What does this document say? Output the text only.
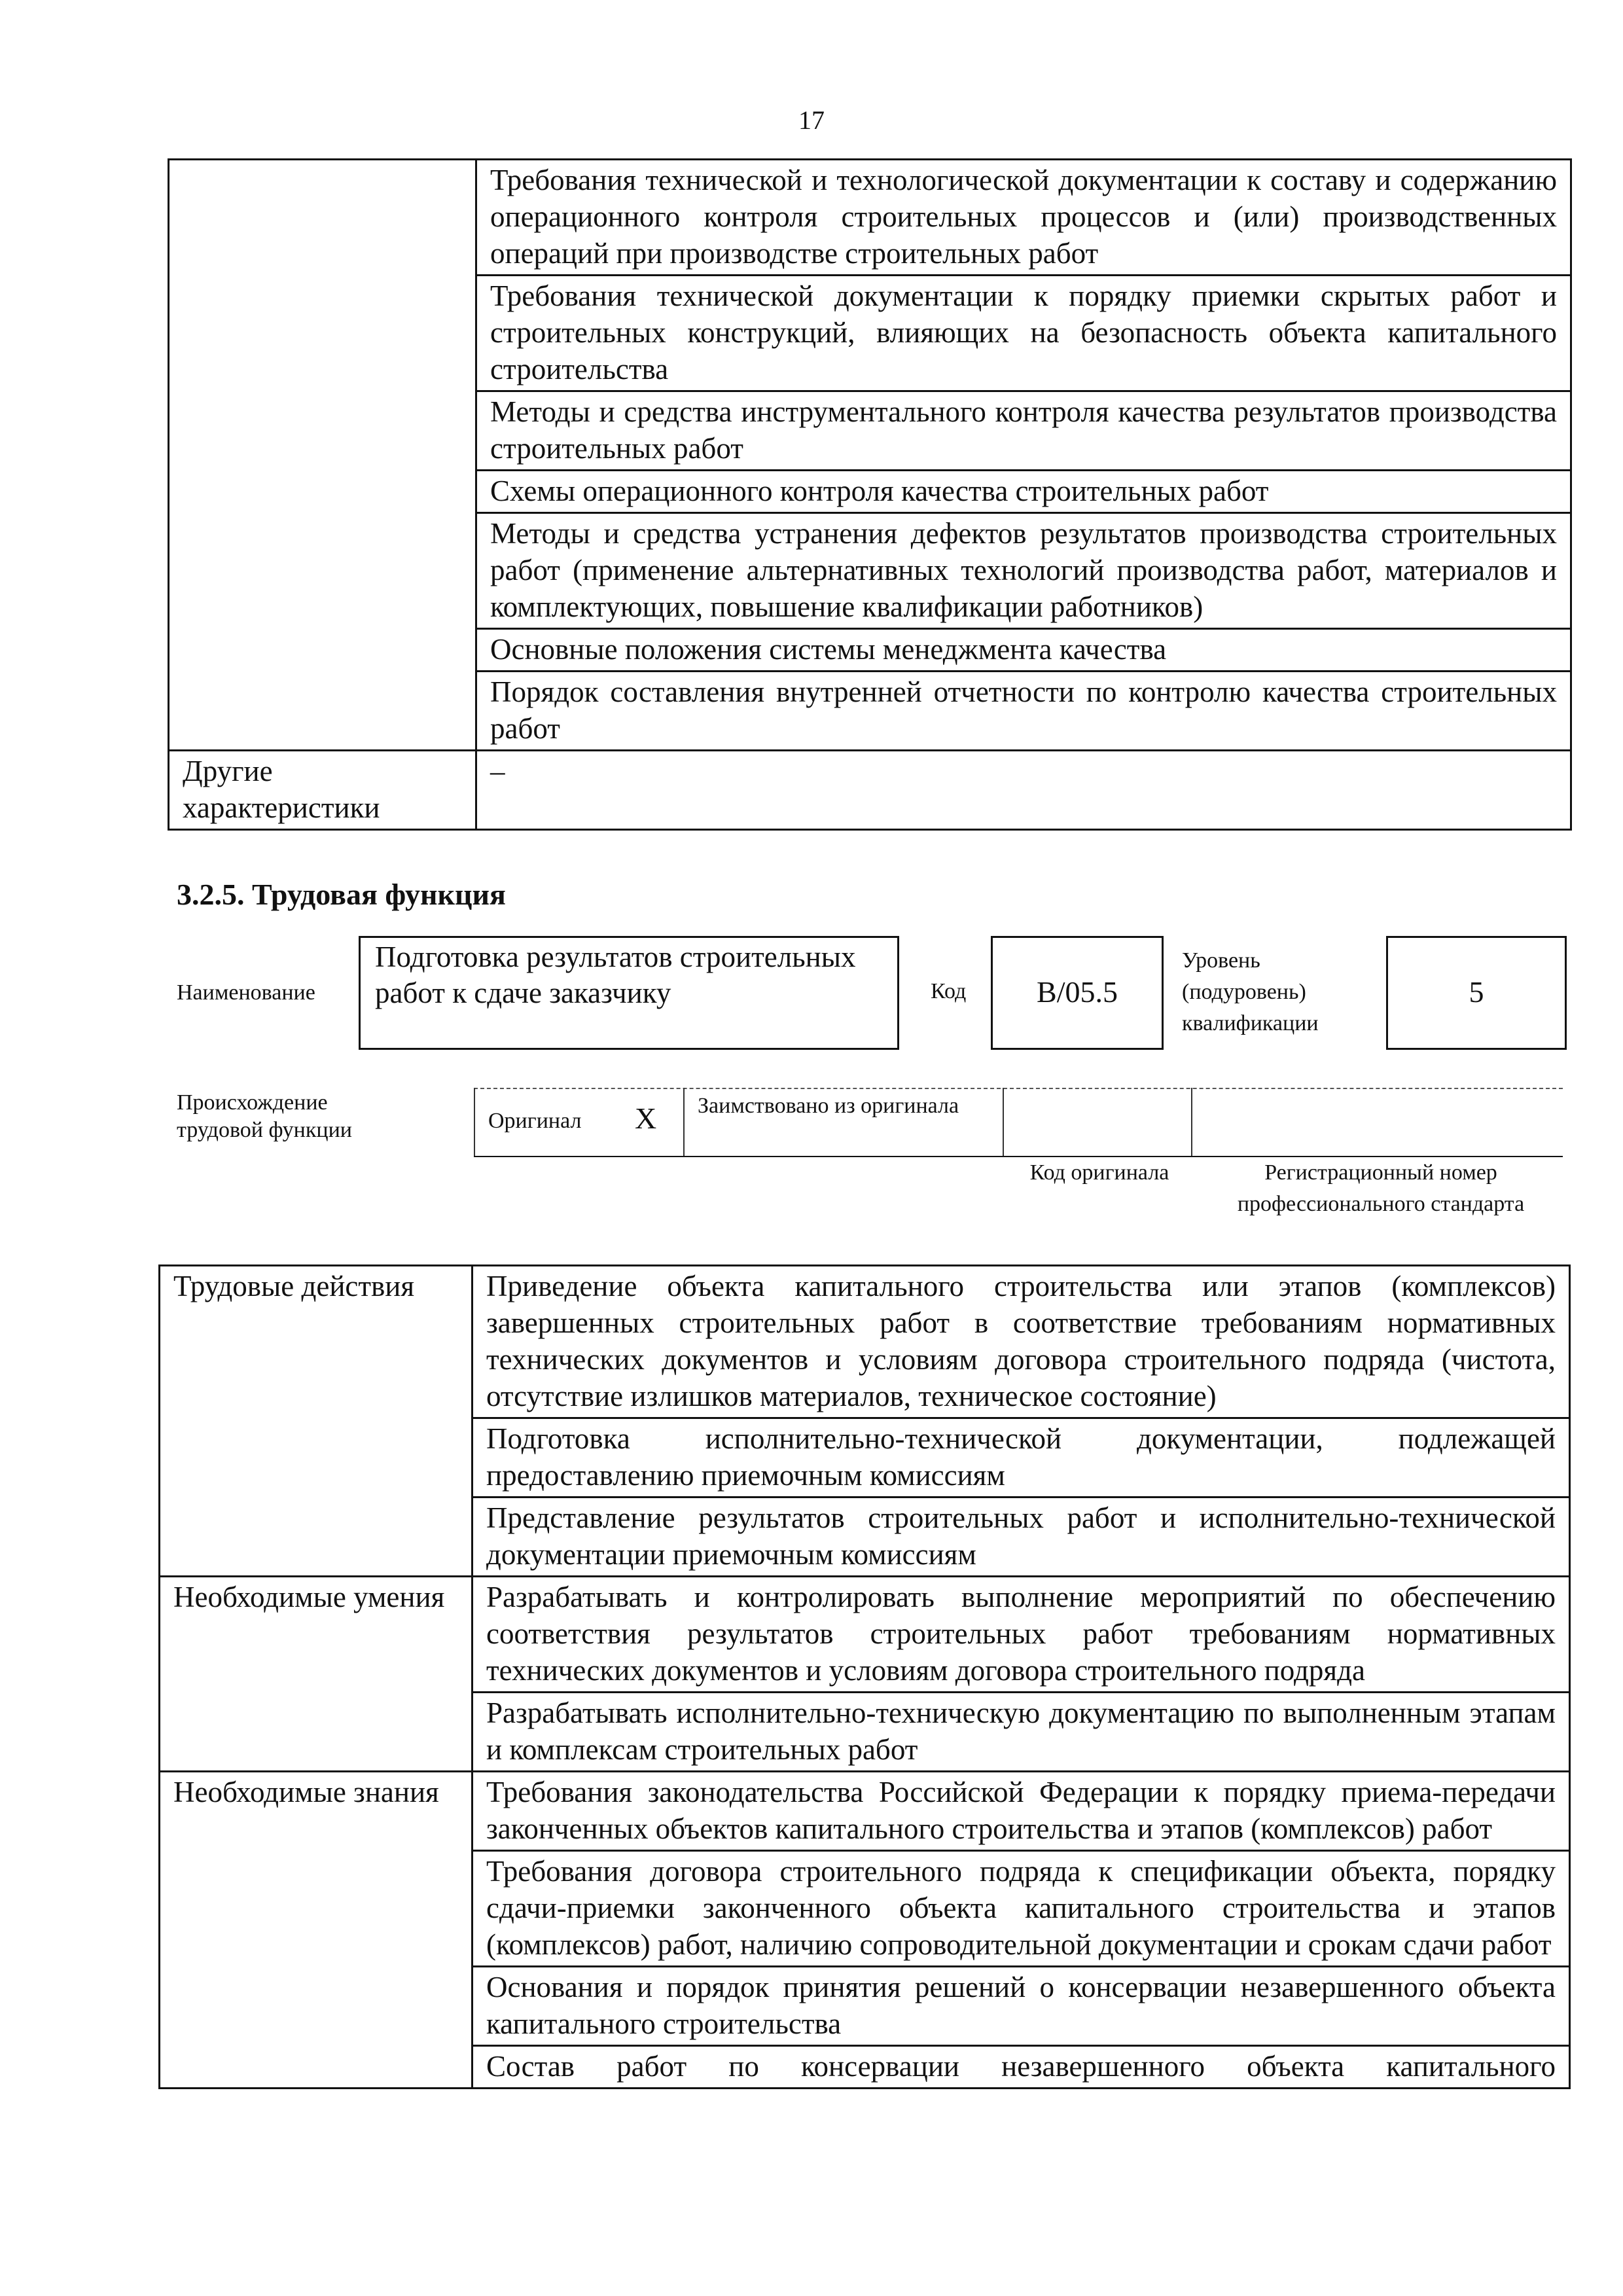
17
	Требования технической и технологической документации к составу и содержанию операционного контроля строительных процессов и (или) производственных операций при производстве строительных работ
	Требования технической документации к порядку приемки скрытых работ и строительных конструкций, влияющих на безопасность объекта капитального строительства
	Методы и средства инструментального контроля качества результатов производства строительных работ
	Схемы операционного контроля качества строительных работ
	Методы и средства устранения дефектов результатов производства строительных работ (применение альтернативных технологий производства работ, материалов и комплектующих, повышение квалификации работников)
	Основные положения системы менеджмента качества
	Порядок составления внутренней отчетности по контролю качества строительных работ
Другие характеристики	–
3.2.5. Трудовая функция
Наименование
Подготовка результатов строительных работ к сдаче заказчику	Код	В/05.5
Уровень (подуровень) квалификации
5
Происхождение трудовой функции	Оригинал X Заимствовано из оригинала
Код оригинала	Регистрационный номер профессионального стандарта
Трудовые действия	Приведение объекта капитального строительства или этапов (комплексов) завершенных строительных работ в соответствие требованиям нормативных технических документов и условиям договора строительного подряда (чистота, отсутствие излишков материалов, техническое состояние)
	Подготовка исполнительно-технической документации, подлежащей предоставлению приемочным комиссиям
	Представление результатов строительных работ и исполнительно-технической документации приемочным комиссиям
Необходимые умения	Разрабатывать и контролировать выполнение мероприятий по обеспечению соответствия результатов строительных работ требованиям нормативных технических документов и условиям договора строительного подряда
	Разрабатывать исполнительно-техническую документацию по выполненным этапам и комплексам строительных работ
Необходимые знания	Требования законодательства Российской Федерации к порядку приема-передачи законченных объектов капитального строительства и этапов (комплексов) работ
	Требования договора строительного подряда к спецификации объекта, порядку сдачи-приемки законченного объекта капитального строительства и этапов (комплексов) работ, наличию сопроводительной документации и срокам сдачи работ
	Основания и порядок принятия решений о консервации незавершенного объекта капитального строительства
	Состав работ по консервации незавершенного объекта капитального
